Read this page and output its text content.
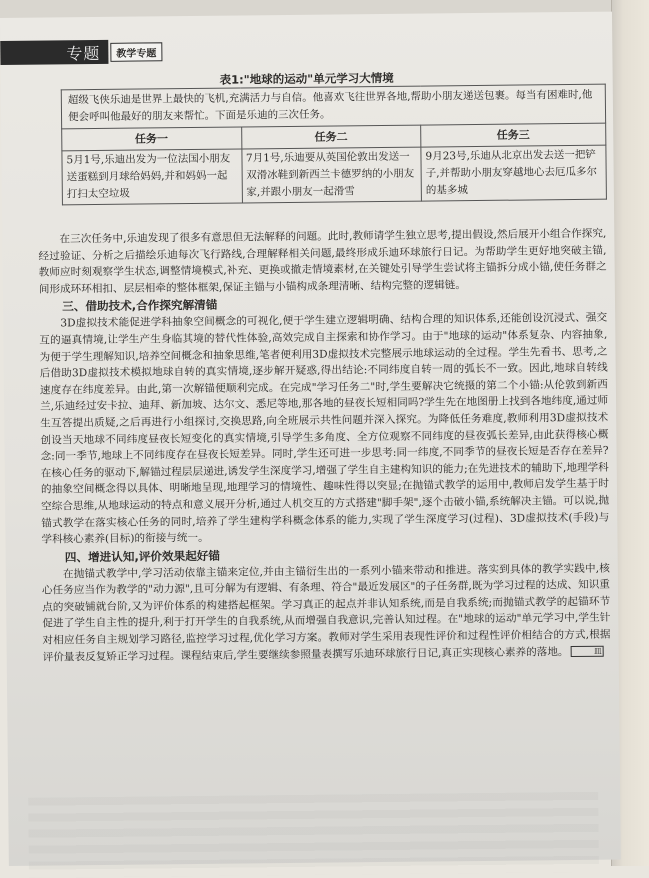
专题	教学专题
表1:"地球的运动"单元学习大情境
超级飞侠乐迪是世界上最快的飞机,充满活力与自信。他喜欢飞往世界各地,帮助小朋友递送包裹。每当有困难时,他便会呼叫他最好的朋友来帮忙。下面是乐迪的三次任务。		
任务一	任务二	任务三
5月1号,乐迪出发为一位法国小朋友送蛋糕到月球给妈妈,并和妈妈一起打扫太空垃圾	7月1号,乐迪要从英国伦敦出发送一双滑冰鞋到新西兰卡德罗纳的小朋友家,并跟小朋友一起滑雪	9月23号,乐迪从北京出发去送一把铲子,并帮助小朋友穿越地心去厄瓜多尔的基多城

在三次任务中,乐迪发现了很多有意思但无法解释的问题。此时,教师请学生独立思考,提出假设,然后展开小组合作探究,经过验证、分析之后描绘乐迪每次飞行路线,合理解释相关问题,最终形成乐迪环球旅行日记。为帮助学生更好地突破主锚,教师应时刻观察学生状态,调整情境模式,补充、更换或撤走情境素材,在关键处引导学生尝试将主锚拆分成小锚,使任务群之间形成环环相扣、层层相牵的整体框架,保证主锚与小锚构成条理清晰、结构完整的逻辑链。

三、借助技术,合作探究解清锚

3D虚拟技术能促进学科抽象空间概念的可视化,便于学生建立逻辑明确、结构合理的知识体系,还能创设沉浸式、强交互的逼真情境,让学生产生身临其境的替代性体验,高效完成自主探索和协作学习。由于"地球的运动"体系复杂、内容抽象,为便于学生理解知识,培养空间概念和抽象思维,笔者便利用3D虚拟技术完整展示地球运动的全过程。学生先看书、思考,之后借助3D虚拟技术模拟地球自转的真实情境,逐步解开疑惑,得出结论:不同纬度自转一周的弧长不一致。因此,地球自转线速度存在纬度差异。由此,第一次解锚便顺利完成。在完成"学习任务二"时,学生要解决它统摄的第二个小锚:从伦敦到新西兰,乐迪经过安卡拉、迪拜、新加坡、达尔文、悉尼等地,那各地的昼夜长短相同吗?学生先在地图册上找到各地纬度,通过师生互答提出质疑,之后再进行小组探讨,交换思路,向全班展示共性问题并深入探究。为降低任务难度,教师利用3D虚拟技术创设当天地球不同纬度昼夜长短变化的真实情境,引导学生多角度、全方位观察不同纬度的昼夜弧长差异,由此获得核心概念:同一季节,地球上不同纬度存在昼夜长短差异。同时,学生还可进一步思考:同一纬度,不同季节的昼夜长短是否存在差异?在核心任务的驱动下,解锚过程层层递进,诱发学生深度学习,增强了学生自主建构知识的能力;在先进技术的辅助下,地理学科的抽象空间概念得以具体、明晰地呈现,地理学习的情境性、趣味性得以突显;在抛锚式教学的运用中,教师启发学生基于时空综合思维,从地球运动的特点和意义展开分析,通过人机交互的方式搭建"脚手架",逐个击破小锚,系统解决主锚。可以说,抛锚式教学在落实核心任务的同时,培养了学生建构学科概念体系的能力,实现了学生深度学习(过程)、3D虚拟技术(手段)与学科核心素养(目标)的衔接与统一。

四、增进认知,评价效果起好锚

在抛锚式教学中,学习活动依靠主锚来定位,并由主锚衍生出的一系列小锚来带动和推进。落实到具体的教学实践中,核心任务应当作为教学的"动力源",且可分解为有逻辑、有条理、符合"最近发展区"的子任务群,既为学习过程的达成、知识重点的突破铺就台阶,又为评价体系的构建搭起框架。学习真正的起点并非认知系统,而是自我系统;而抛锚式教学的起锚环节促进了学生自主性的提升,利于打开学生的自我系统,从而增强自我意识,完善认知过程。在"地球的运动"单元学习中,学生针对相应任务自主规划学习路径,监控学习过程,优化学习方案。教师对学生采用表现性评价和过程性评价相结合的方式,根据评价量表反复矫正学习过程。课程结束后,学生要继续参照量表撰写乐迪环球旅行日记,真正实现核心素养的落地。	皿
